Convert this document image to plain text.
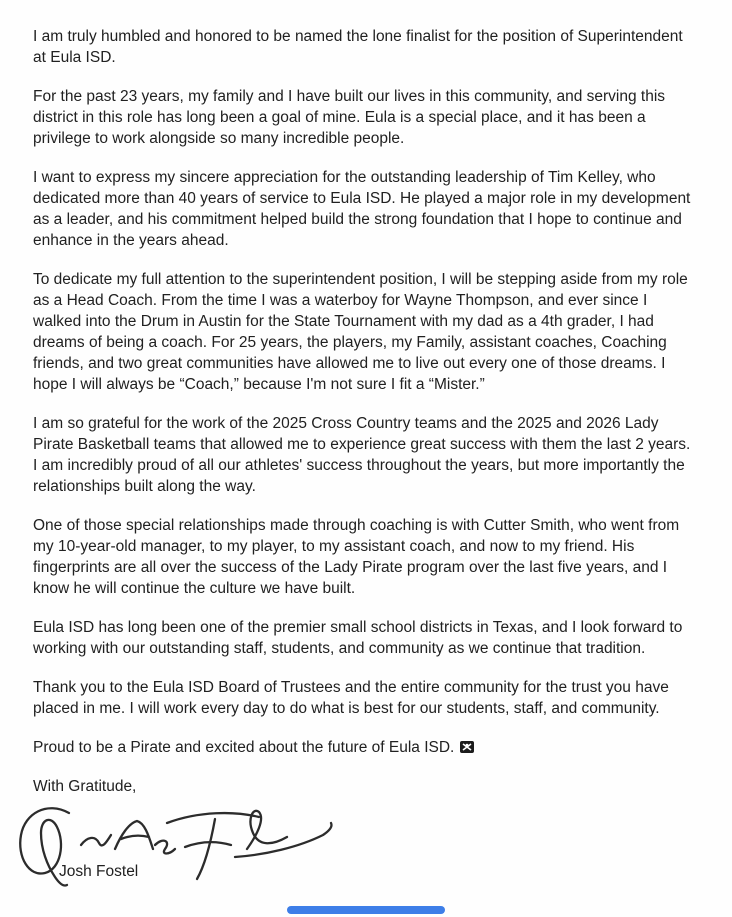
I am truly humbled and honored to be named the lone finalist for the position of Superintendent
at Eula ISD.

For the past 23 years, my family and I have built our lives in this community, and serving this
district in this role has long been a goal of mine. Eula is a special place, and it has been a
privilege to work alongside so many incredible people.

I want to express my sincere appreciation for the outstanding leadership of Tim Kelley, who
dedicated more than 40 years of service to Eula ISD. He played a major role in my development
as a leader, and his commitment helped build the strong foundation that I hope to continue and
enhance in the years ahead.

To dedicate my full attention to the superintendent position, I will be stepping aside from my role
as a Head Coach. From the time I was a waterboy for Wayne Thompson, and ever since I
walked into the Drum in Austin for the State Tournament with my dad as a 4th grader, I had
dreams of being a coach. For 25 years, the players, my Family, assistant coaches, Coaching
friends, and two great communities have allowed me to live out every one of those dreams. I
hope I will always be “Coach,” because I'm not sure I fit a “Mister.”

I am so grateful for the work of the 2025 Cross Country teams and the 2025 and 2026 Lady
Pirate Basketball teams that allowed me to experience great success with them the last 2 years.
I am incredibly proud of all our athletes' success throughout the years, but more importantly the
relationships built along the way.

One of those special relationships made through coaching is with Cutter Smith, who went from
my 10-year-old manager, to my player, to my assistant coach, and now to my friend. His
fingerprints are all over the success of the Lady Pirate program over the last five years, and I
know he will continue the culture we have built.

Eula ISD has long been one of the premier small school districts in Texas, and I look forward to
working with our outstanding staff, students, and community as we continue that tradition.

Thank you to the Eula ISD Board of Trustees and the entire community for the trust you have
placed in me. I will work every day to do what is best for our students, staff, and community.

Proud to be a Pirate and excited about the future of Eula ISD.
With Gratitude,
Josh Fostel
